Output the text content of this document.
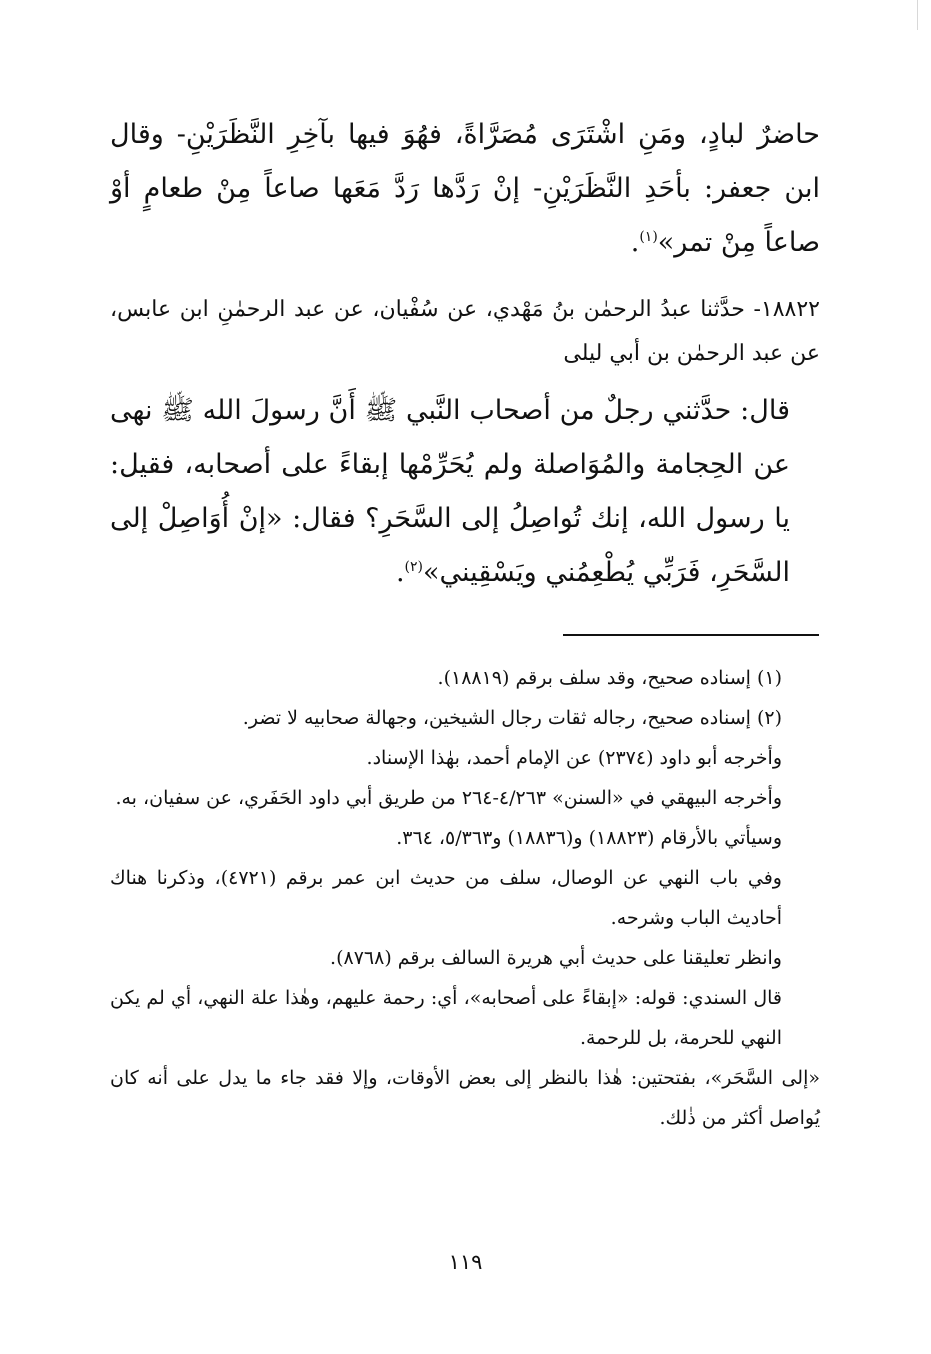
حاضرٌ لبادٍ، ومَنِ اشْتَرَى مُصَرَّاةً، فهُوَ فيها بآخِرِ النَّظَرَيْنِ- وقال ابن جعفر: بأحَدِ النَّظَرَيْنِ- إنْ رَدَّها رَدَّ مَعَها صاعاً مِنْ طعامٍ أوْ صاعاً مِنْ تمر»$^{(١)}$.

١٨٨٢٢- حدَّثنا عبدُ الرحمٰن بنُ مَهْدي، عن سُفْيان، عن عبد الرحمٰنِ ابن عابس، عن عبد الرحمٰن بن أبي ليلى

قال: حدَّثني رجلٌ من أصحاب النَّبي ﷺ أَنَّ رسولَ الله ﷺ نهى عن الحِجامة والمُوَاصلة ولم يُحَرِّمْها إبقاءً على أصحابه، فقيل: يا رسول الله، إنك تُواصِلُ إلى السَّحَرِ؟ فقال: «إنْ أُوَاصِلْ إلى السَّحَرِ، فَرَبِّي يُطْعِمُني ويَسْقِيني»$^{(٢)}$.

(١) إسناده صحيح، وقد سلف برقم (١٨٨١٩).

(٢) إسناده صحيح، رجاله ثقات رجال الشيخين، وجهالة صحابيه لا تضر.

وأخرجه أبو داود (٢٣٧٤) عن الإمام أحمد، بهٰذا الإسناد.

وأخرجه البيهقي في «السنن» ٤/٢٦٣-٢٦٤ من طريق أبي داود الحَفَري، عن سفيان، به.

وسيأتي بالأرقام (١٨٨٢٣) و(١٨٨٣٦) و٥/٣٦٣، ٣٦٤.

وفي باب النهي عن الوصال، سلف من حديث ابن عمر برقم (٤٧٢١)، وذكرنا هناك أحاديث الباب وشرحه.

وانظر تعليقنا على حديث أبي هريرة السالف برقم (٨٧٦٨).

قال السندي: قوله: «إبقاءً على أصحابه»، أي: رحمة عليهم، وهٰذا علة النهي، أي لم يكن النهي للحرمة، بل للرحمة.

«إلى السَّحَر»، بفتحتين: هٰذا بالنظر إلى بعض الأوقات، وإلا فقد جاء ما يدل على أنه كان يُواصل أكثر من ذٰلك.

١١٩
